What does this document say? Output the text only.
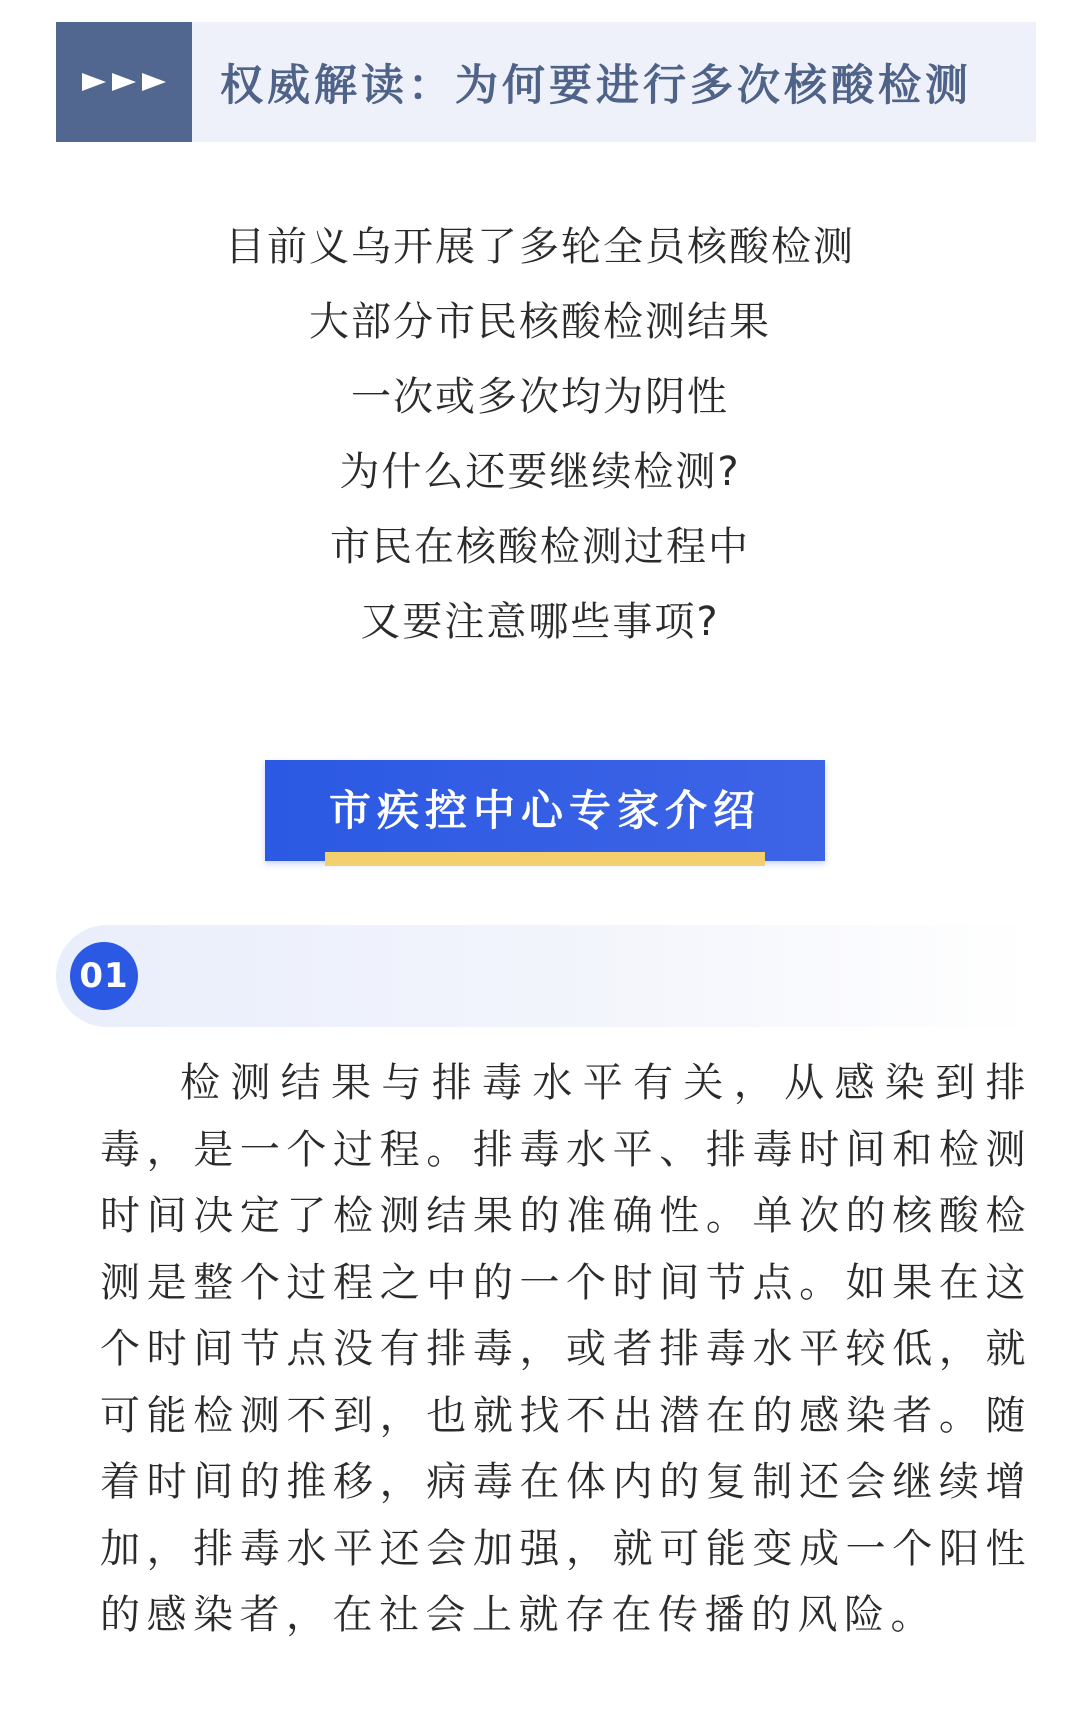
权威解读：为何要进行多次核酸检测
目前义乌开展了多轮全员核酸检测
大部分市民核酸检测结果
一次或多次均为阴性
为什么还要继续检测?
市民在核酸检测过程中
又要注意哪些事项?
市疾控中心专家介绍
01

检测结果与排毒水平有关，从感染到排毒，是一个过程。排毒水平、排毒时间和检测时间决定了检测结果的准确性。单次的核酸检测是整个过程之中的一个时间节点。如果在这个时间节点没有排毒，或者排毒水平较低，就可能检测不到，也就找不出潜在的感染者。随着时间的推移，病毒在体内的复制还会继续增加，排毒水平还会加强，就可能变成一个阳性的感染者，在社会上就存在传播的风险。
